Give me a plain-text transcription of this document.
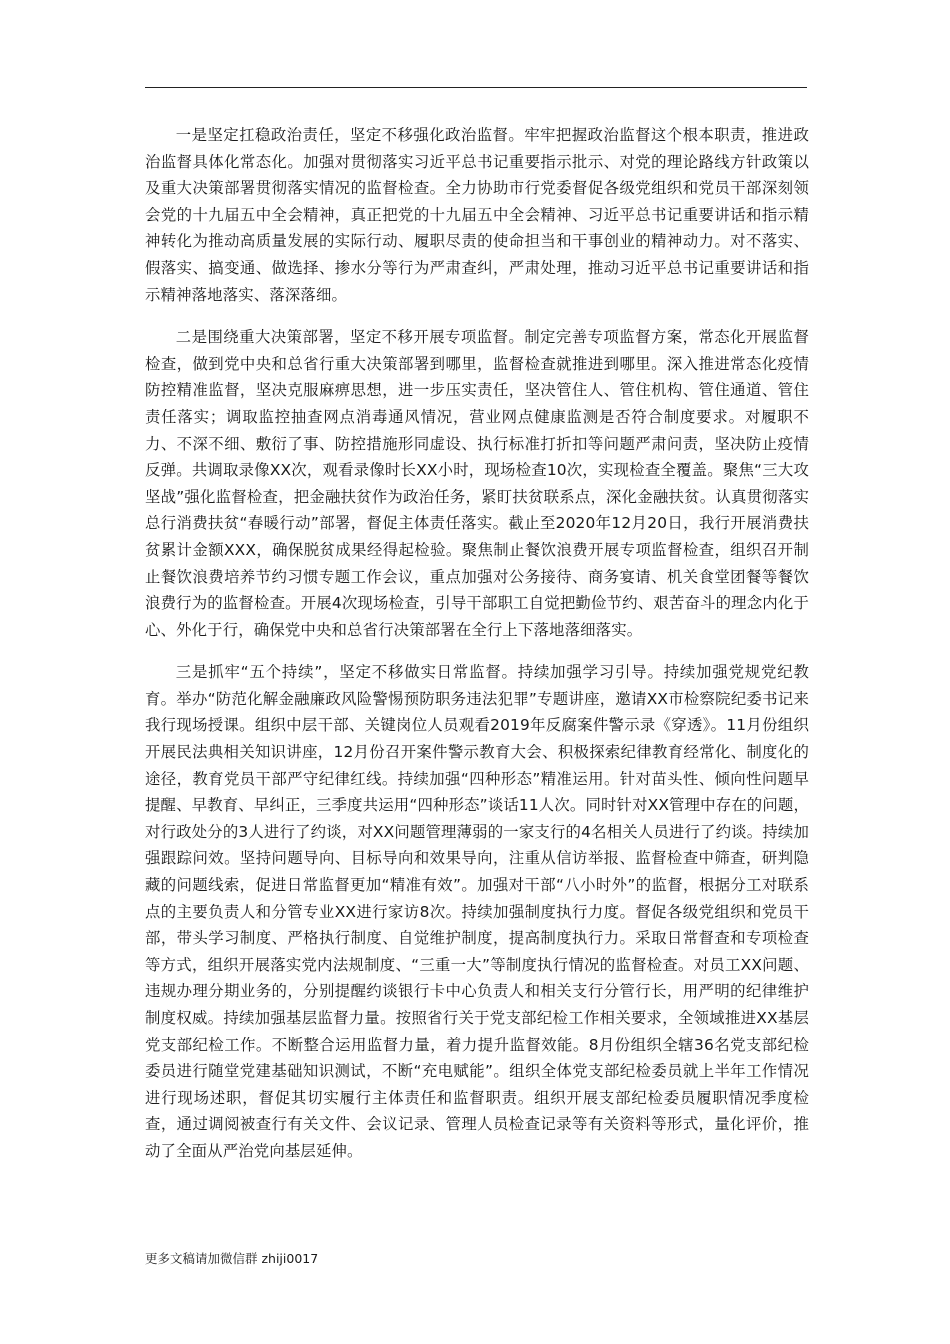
一是坚定扛稳政治责任，坚定不移强化政治监督。牢牢把握政治监督这个根本职责，推进政治监督具体化常态化。加强对贯彻落实习近平总书记重要指示批示、对党的理论路线方针政策以及重大决策部署贯彻落实情况的监督检查。全力协助市行党委督促各级党组织和党员干部深刻领会党的十九届五中全会精神，真正把党的十九届五中全会精神、习近平总书记重要讲话和指示精神转化为推动高质量发展的实际行动、履职尽责的使命担当和干事创业的精神动力。对不落实、假落实、搞变通、做选择、掺水分等行为严肃查纠，严肃处理，推动习近平总书记重要讲话和指示精神落地落实、落深落细。

二是围绕重大决策部署，坚定不移开展专项监督。制定完善专项监督方案，常态化开展监督检查，做到党中央和总省行重大决策部署到哪里，监督检查就推进到哪里。深入推进常态化疫情防控精准监督，坚决克服麻痹思想，进一步压实责任，坚决管住人、管住机构、管住通道、管住责任落实；调取监控抽查网点消毒通风情况，营业网点健康监测是否符合制度要求。对履职不力、不深不细、敷衍了事、防控措施形同虚设、执行标准打折扣等问题严肃问责，坚决防止疫情反弹。共调取录像XX次，观看录像时长XX小时，现场检查10次，实现检查全覆盖。聚焦“三大攻坚战”强化监督检查，把金融扶贫作为政治任务，紧盯扶贫联系点，深化金融扶贫。认真贯彻落实总行消费扶贫“春暖行动”部署，督促主体责任落实。截止至2020年12月20日，我行开展消费扶贫累计金额XXX，确保脱贫成果经得起检验。聚焦制止餐饮浪费开展专项监督检查，组织召开制止餐饮浪费培养节约习惯专题工作会议，重点加强对公务接待、商务宴请、机关食堂团餐等餐饮浪费行为的监督检查。开展4次现场检查，引导干部职工自觉把勤俭节约、艰苦奋斗的理念内化于心、外化于行，确保党中央和总省行决策部署在全行上下落地落细落实。

三是抓牢“五个持续”，坚定不移做实日常监督。持续加强学习引导。持续加强党规党纪教育。举办“防范化解金融廉政风险警惕预防职务违法犯罪”专题讲座，邀请XX市检察院纪委书记来我行现场授课。组织中层干部、关键岗位人员观看2019年反腐案件警示录《穿透》。11月份组织开展民法典相关知识讲座，12月份召开案件警示教育大会、积极探索纪律教育经常化、制度化的途径，教育党员干部严守纪律红线。持续加强“四种形态”精准运用。针对苗头性、倾向性问题早提醒、早教育、早纠正，三季度共运用“四种形态”谈话11人次。同时针对XX管理中存在的问题，对行政处分的3人进行了约谈，对XX问题管理薄弱的一家支行的4名相关人员进行了约谈。持续加强跟踪问效。坚持问题导向、目标导向和效果导向，注重从信访举报、监督检查中筛查，研判隐藏的问题线索，促进日常监督更加“精准有效”。加强对干部“八小时外”的监督，根据分工对联系点的主要负责人和分管专业XX进行家访8次。持续加强制度执行力度。督促各级党组织和党员干部，带头学习制度、严格执行制度、自觉维护制度，提高制度执行力。采取日常督查和专项检查等方式，组织开展落实党内法规制度、“三重一大”等制度执行情况的监督检查。对员工XX问题、违规办理分期业务的，分别提醒约谈银行卡中心负责人和相关支行分管行长，用严明的纪律维护制度权威。持续加强基层监督力量。按照省行关于党支部纪检工作相关要求，全领域推进XX基层党支部纪检工作。不断整合运用监督力量，着力提升监督效能。8月份组织全辖36名党支部纪检委员进行随堂党建基础知识测试，不断“充电赋能”。组织全体党支部纪检委员就上半年工作情况进行现场述职，督促其切实履行主体责任和监督职责。组织开展支部纪检委员履职情况季度检查，通过调阅被查行有关文件、会议记录、管理人员检查记录等有关资料等形式，量化评价，推动了全面从严治党向基层延伸。

更多文稿请加微信群 zhiji0017
